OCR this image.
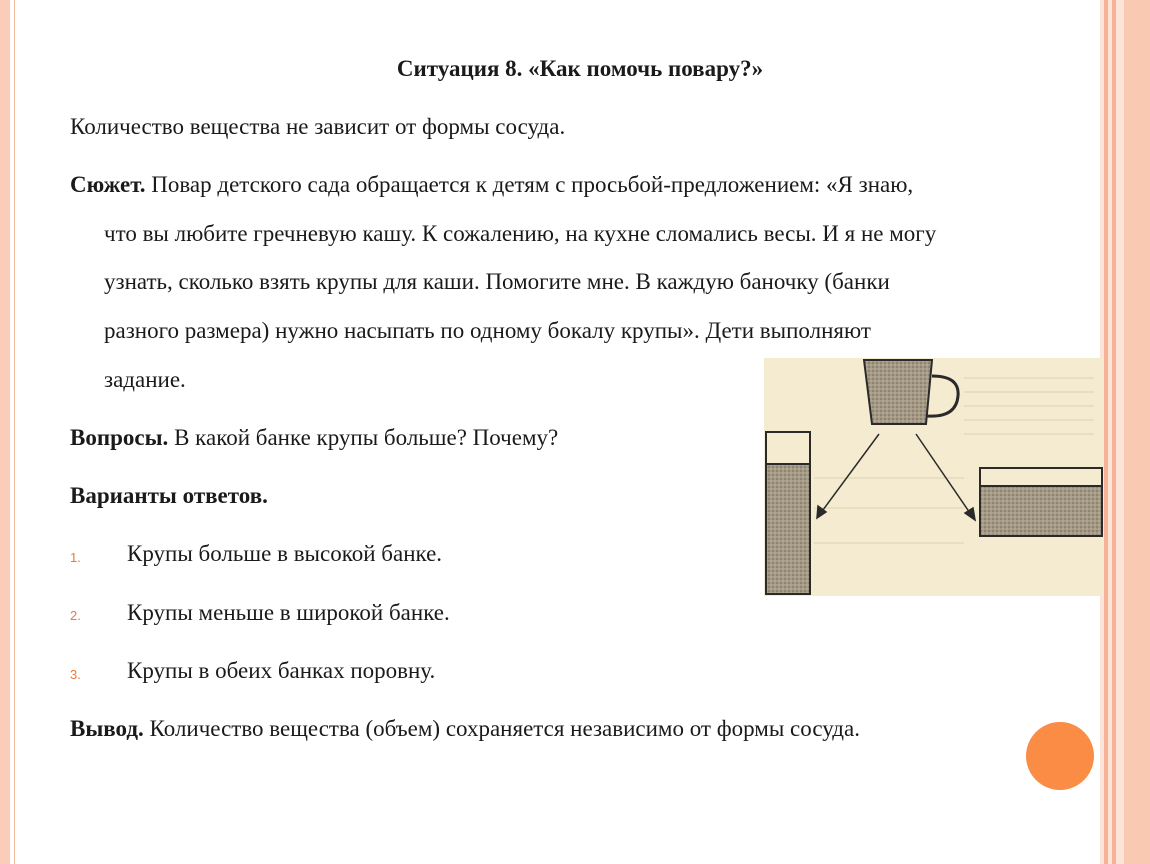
Ситуация 8. «Как помочь повару?»

Количество вещества не зависит от формы сосуда.

Сюжет. Повар детского сада обращается к детям с просьбой-предложением: «Я знаю,

что вы любите гречневую кашу. К сожалению, на кухне сломались весы. И я не могу

узнать, сколько взять крупы для каши. Помогите мне. В каждую баночку (банки

разного размера) нужно насыпать по одному бокалу крупы». Дети выполняют

задание.

Вопросы. В какой банке крупы больше? Почему?

Варианты ответов.

1. Крупы больше в высокой банке.
2. Крупы меньше в широкой банке.
3. Крупы в обеих банках поровну.

Вывод. Количество вещества (объем) сохраняется независимо от формы сосуда.
